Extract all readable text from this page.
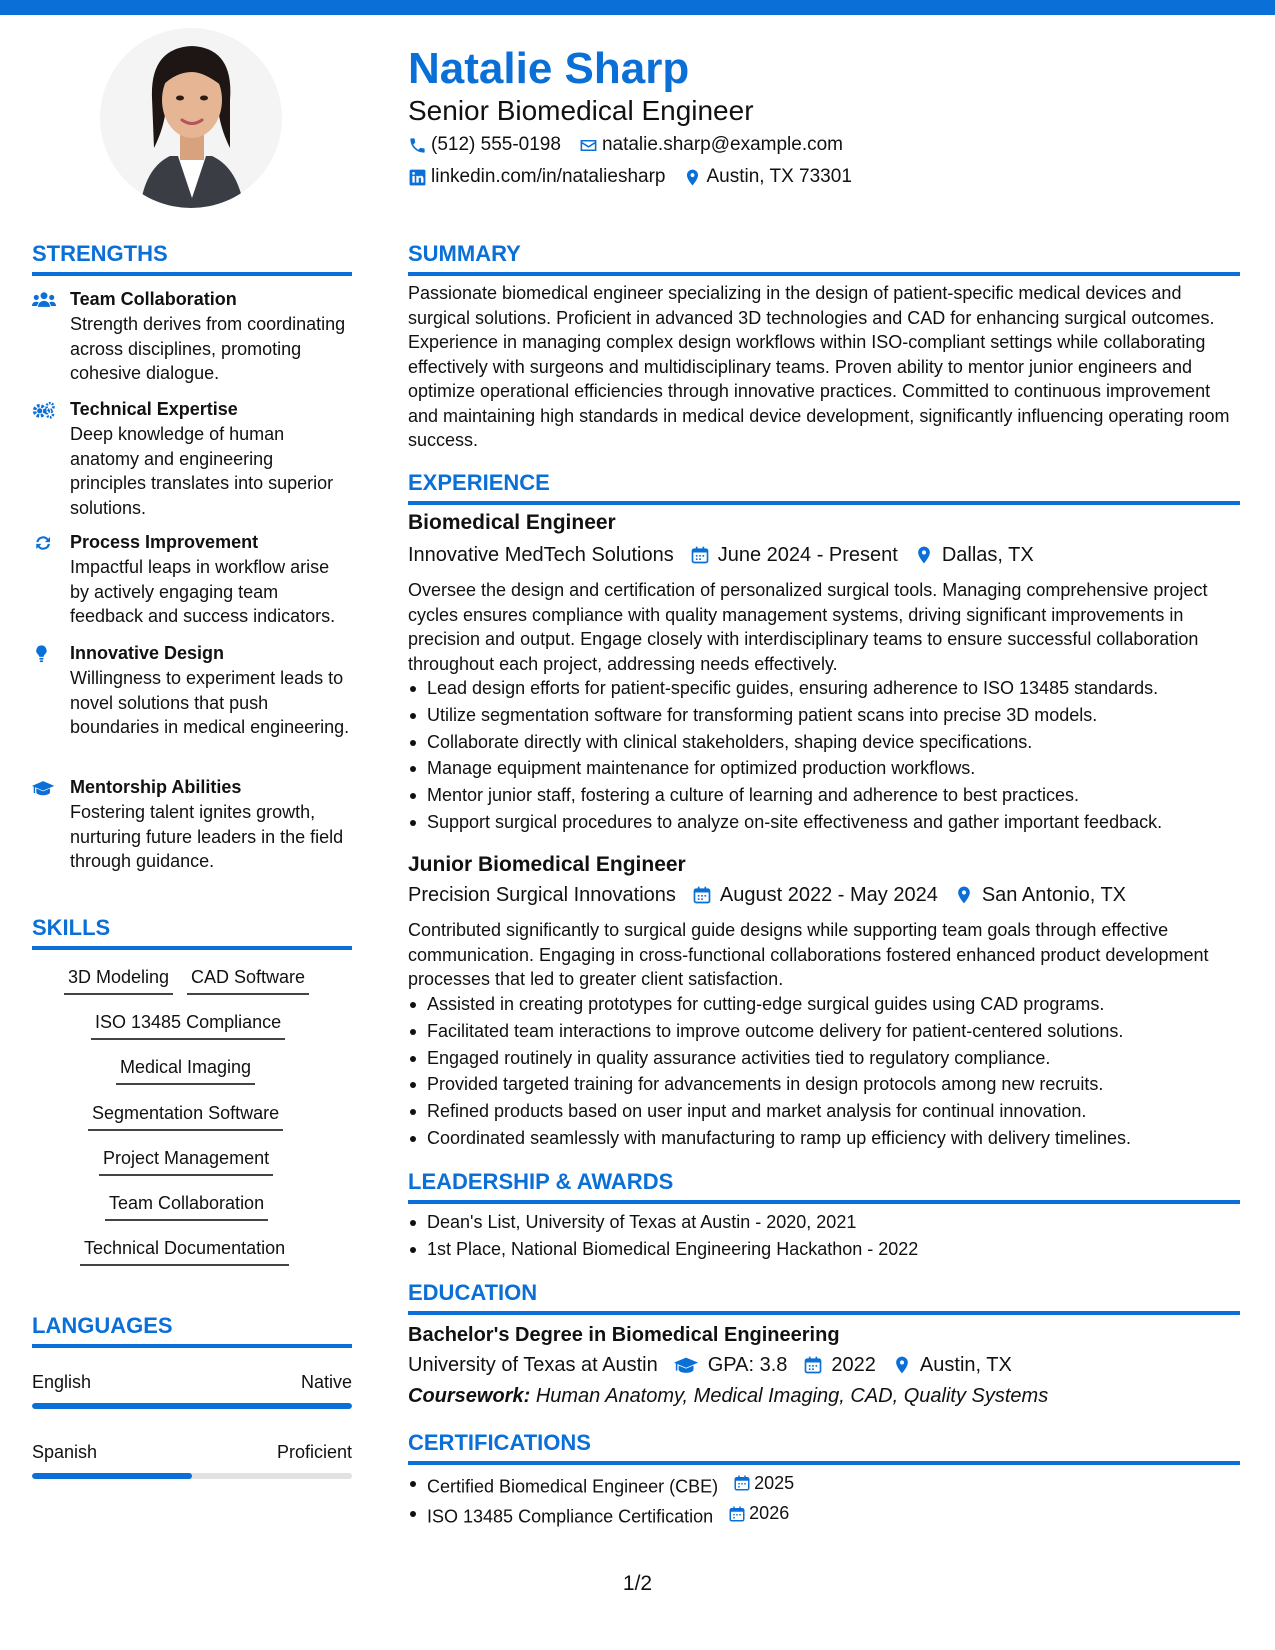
Natalie Sharp
Senior Biomedical Engineer
(512) 555-0198 natalie.sharp@example.com
linkedin.com/in/nataliesharp Austin, TX 73301
STRENGTHS
Team Collaboration
Strength derives from coordinating across disciplines, promoting cohesive dialogue.
Technical Expertise
Deep knowledge of human anatomy and engineering principles translates into superior solutions.
Process Improvement
Impactful leaps in workflow arise by actively engaging team feedback and success indicators.
Innovative Design
Willingness to experiment leads to novel solutions that push boundaries in medical engineering.
Mentorship Abilities
Fostering talent ignites growth, nurturing future leaders in the field through guidance.
SKILLS
3D Modeling CAD Software
ISO 13485 Compliance
Medical Imaging
Segmentation Software
Project Management
Team Collaboration
Technical Documentation
LANGUAGES
English	Native
Spanish	Proficient
SUMMARY
Passionate biomedical engineer specializing in the design of patient-specific medical devices and surgical solutions. Proficient in advanced 3D technologies and CAD for enhancing surgical outcomes. Experience in managing complex design workflows within ISO-compliant settings while collaborating effectively with surgeons and multidisciplinary teams. Proven ability to mentor junior engineers and optimize operational efficiencies through innovative practices. Committed to continuous improvement and maintaining high standards in medical device development, significantly influencing operating room success.
EXPERIENCE
Biomedical Engineer
Innovative MedTech Solutions June 2024 - Present Dallas, TX
Oversee the design and certification of personalized surgical tools. Managing comprehensive project cycles ensures compliance with quality management systems, driving significant improvements in precision and output. Engage closely with interdisciplinary teams to ensure successful collaboration throughout each project, addressing needs effectively.
Lead design efforts for patient-specific guides, ensuring adherence to ISO 13485 standards.
Utilize segmentation software for transforming patient scans into precise 3D models.
Collaborate directly with clinical stakeholders, shaping device specifications.
Manage equipment maintenance for optimized production workflows.
Mentor junior staff, fostering a culture of learning and adherence to best practices.
Support surgical procedures to analyze on-site effectiveness and gather important feedback.
Junior Biomedical Engineer
Precision Surgical Innovations August 2022 - May 2024 San Antonio, TX
Contributed significantly to surgical guide designs while supporting team goals through effective communication. Engaging in cross-functional collaborations fostered enhanced product development processes that led to greater client satisfaction.
Assisted in creating prototypes for cutting-edge surgical guides using CAD programs.
Facilitated team interactions to improve outcome delivery for patient-centered solutions.
Engaged routinely in quality assurance activities tied to regulatory compliance.
Provided targeted training for advancements in design protocols among new recruits.
Refined products based on user input and market analysis for continual innovation.
Coordinated seamlessly with manufacturing to ramp up efficiency with delivery timelines.
LEADERSHIP & AWARDS
Dean's List, University of Texas at Austin - 2020, 2021
1st Place, National Biomedical Engineering Hackathon - 2022
EDUCATION
Bachelor's Degree in Biomedical Engineering
University of Texas at Austin	GPA: 3.8 2022 Austin, TX
Coursework: Human Anatomy, Medical Imaging, CAD, Quality Systems
CERTIFICATIONS
Certified Biomedical Engineer (CBE) 2025
ISO 13485 Compliance Certification 2026
1/2
